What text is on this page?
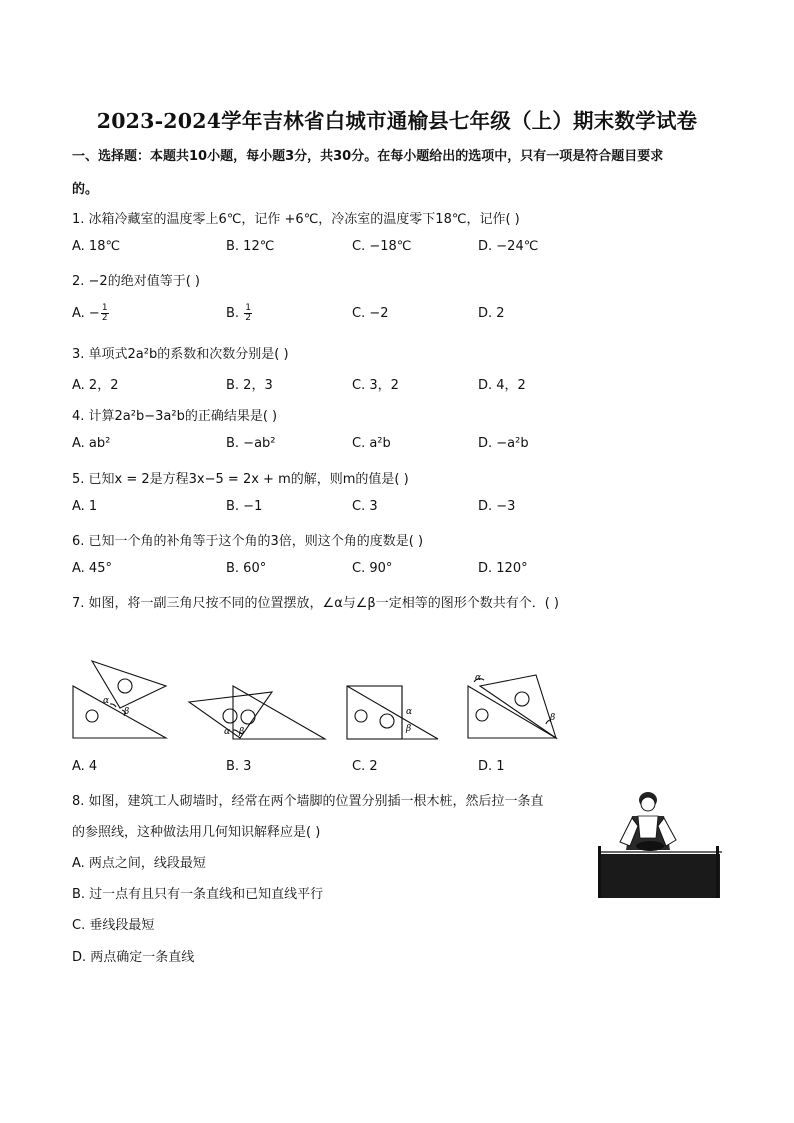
2023-2024学年吉林省白城市通榆县七年级（上）期末数学试卷
一、选择题：本题共10小题，每小题3分，共30分。在每小题给出的选项中，只有一项是符合题目要求
的。
1. 冰箱冷藏室的温度零上6℃，记作 +6℃，冷冻室的温度零下18℃，记作( )
A. 18℃	B. 12℃	C. −18℃	D. −24℃
2. −2的绝对值等于( )
A. − $\frac{1}{2}$	B. $\frac{1}{2}$	C. −2	D. 2
3. 单项式2a²b的系数和次数分别是( )
A. 2，2	B. 2，3	C. 3，2	D. 4，2
4. 计算2a²b−3a²b的正确结果是( )
A. ab²	B. −ab²	C. a²b	D. −a²b
5. 已知x = 2是方程3x−5 = 2x + m的解，则m的值是( )
A. 1	B. −1	C. 3	D. −3
6. 已知一个角的补角等于这个角的3倍，则这个角的度数是( )
A. 45°	B. 60°	C. 90°	D. 120°
7. 如图，将一副三角尺按不同的位置摆放，∠α与∠β一定相等的图形个数共有个．( )
α
β
α β
α
β
α
β
A. 4	B. 3	C. 2	D. 1
8. 如图，建筑工人砌墙时，经常在两个墙脚的位置分别插一根木桩，然后拉一条直
的参照线，这种做法用几何知识解释应是( )
A. 两点之间，线段最短
B. 过一点有且只有一条直线和已知直线平行
C. 垂线段最短
D. 两点确定一条直线
